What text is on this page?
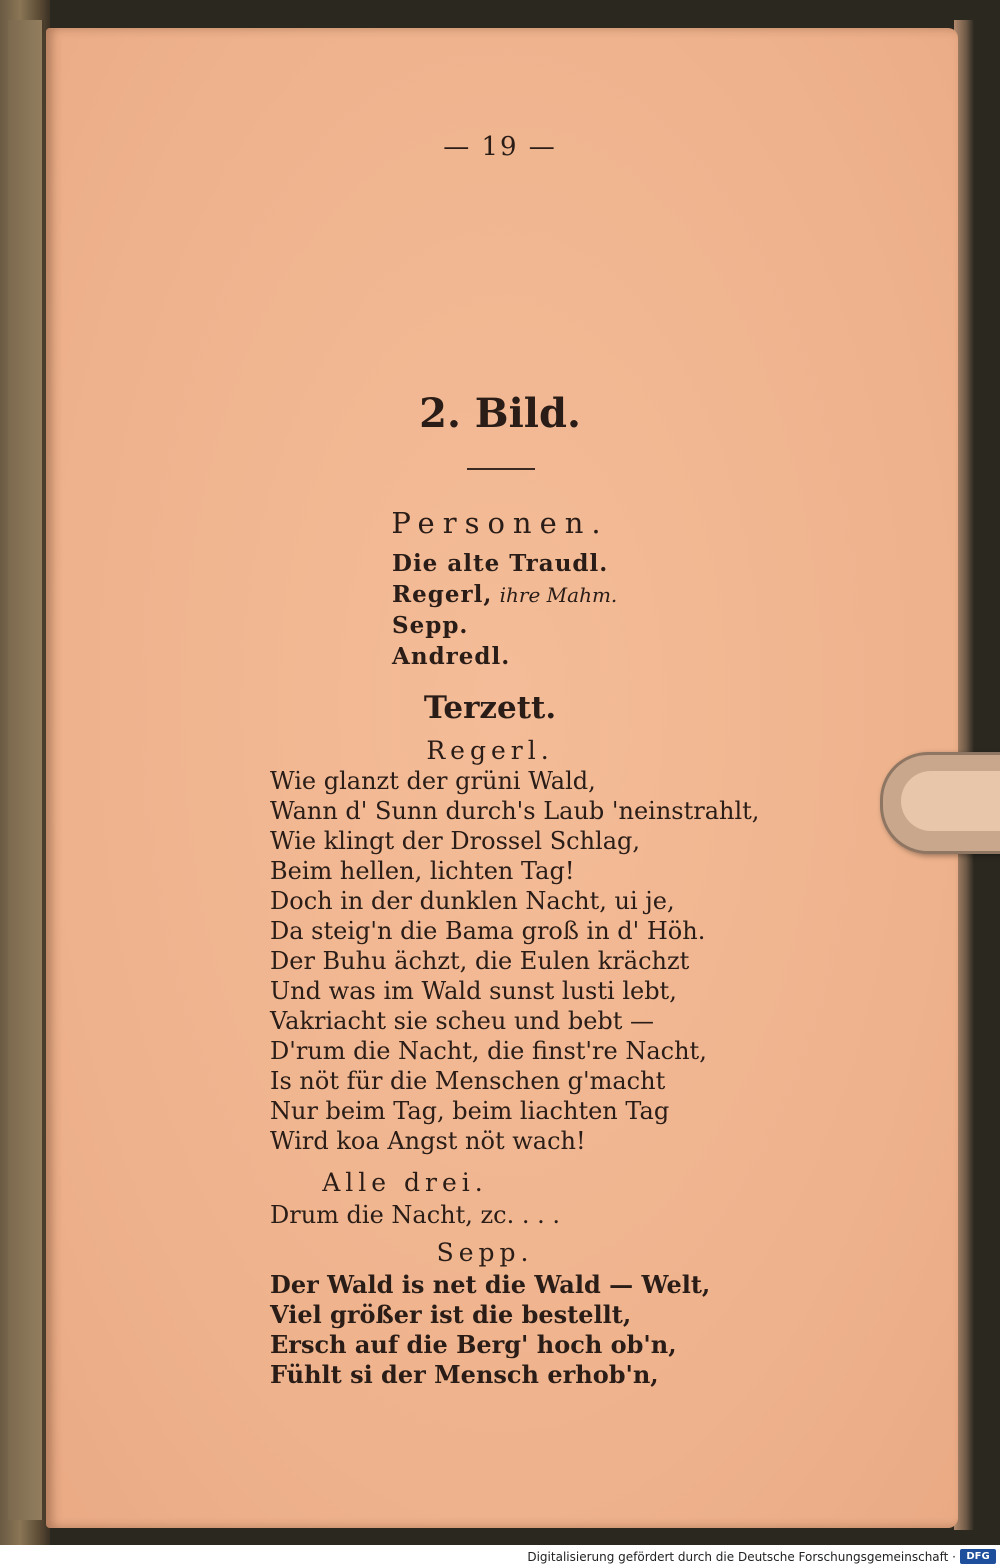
— 19 —
2. Bild.
Personen.
Die alte Traudl.
Regerl, ihre Mahm.
Sepp.
Andredl.
Terzett.
Regerl.
Wie glanzt der grüni Wald,
Wann d' Sunn durch's Laub 'neinstrahlt,
Wie klingt der Drossel Schlag,
Beim hellen, lichten Tag!
Doch in der dunklen Nacht, ui je,
Da steig'n die Bama groß in d' Höh.
Der Buhu ächzt, die Eulen krächzt
Und was im Wald sunst lusti lebt,
Vakriacht sie scheu und bebt —
D'rum die Nacht, die finst're Nacht,
Is nöt für die Menschen g'macht
Nur beim Tag, beim liachten Tag
Wird koa Angst nöt wach!
Alle drei.
Drum die Nacht, zc. . . .
Sepp.
Der Wald is net die Wald — Welt,
Viel größer ist die bestellt,
Ersch auf die Berg' hoch ob'n,
Fühlt si der Mensch erhob'n,
Digitalisierung gefördert durch die Deutsche Forschungsgemeinschaft ·	DFG
